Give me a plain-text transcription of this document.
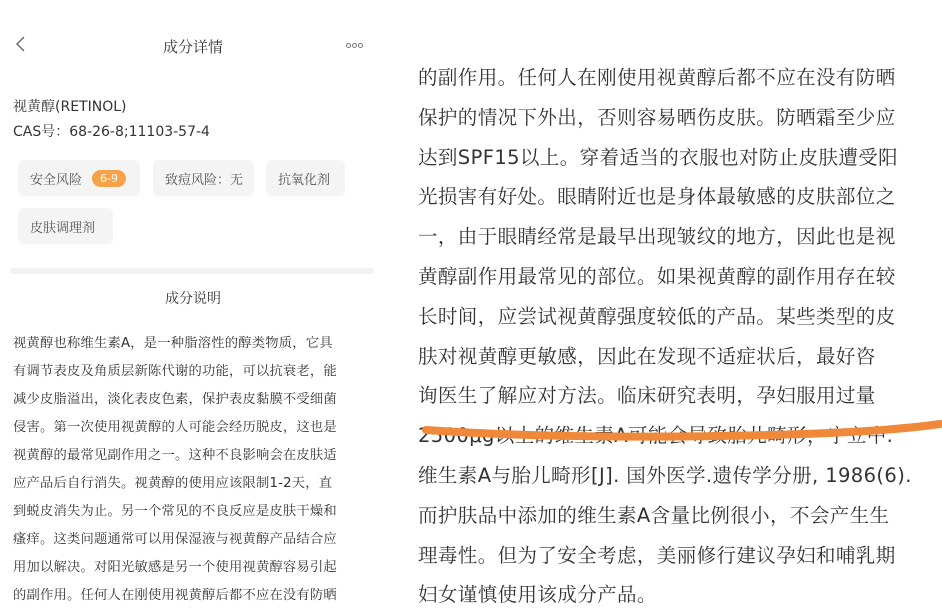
成分详情
视黄醇(RETINOL)
CAS号：68-26-8;11103-57-4
安全风险	6-9	致痘风险：无	抗氧化剂
皮肤调理剂
成分说明
视黄醇也称维生素A，是一种脂溶性的醇类物质，它具
有调节表皮及角质层新陈代谢的功能，可以抗衰老，能
减少皮脂溢出，淡化表皮色素，保护表皮黏膜不受细菌
侵害。第一次使用视黄醇的人可能会经历脱皮，这也是
视黄醇的最常见副作用之一。这种不良影响会在皮肤适
应产品后自行消失。视黄醇的使用应该限制1-2天，直
到蜕皮消失为止。另一个常见的不良反应是皮肤干燥和
瘙痒。这类问题通常可以用保湿液与视黄醇产品结合应
用加以解决。对阳光敏感是另一个使用视黄醇容易引起
的副作用。任何人在刚使用视黄醇后都不应在没有防晒
的副作用。任何人在刚使用视黄醇后都不应在没有防晒
保护的情况下外出，否则容易晒伤皮肤。防晒霜至少应
达到SPF15以上。穿着适当的衣服也对防止皮肤遭受阳
光损害有好处。眼睛附近也是身体最敏感的皮肤部位之
一，由于眼睛经常是最早出现皱纹的地方，因此也是视
黄醇副作用最常见的部位。如果视黄醇的副作用存在较
长时间，应尝试视黄醇强度较低的产品。某些类型的皮
肤对视黄醇更敏感，因此在发现不适症状后，最好咨
询医生了解应对方法。临床研究表明，孕妇服用过量
2500μg以上的维生素A可能会导致胎儿畸形，宁立中.
维生素A与胎儿畸形[J]. 国外医学.遗传学分册, 1986(6).
而护肤品中添加的维生素A含量比例很小，不会产生生
理毒性。但为了安全考虑，美丽修行建议孕妇和哺乳期
妇女谨慎使用该成分产品。
